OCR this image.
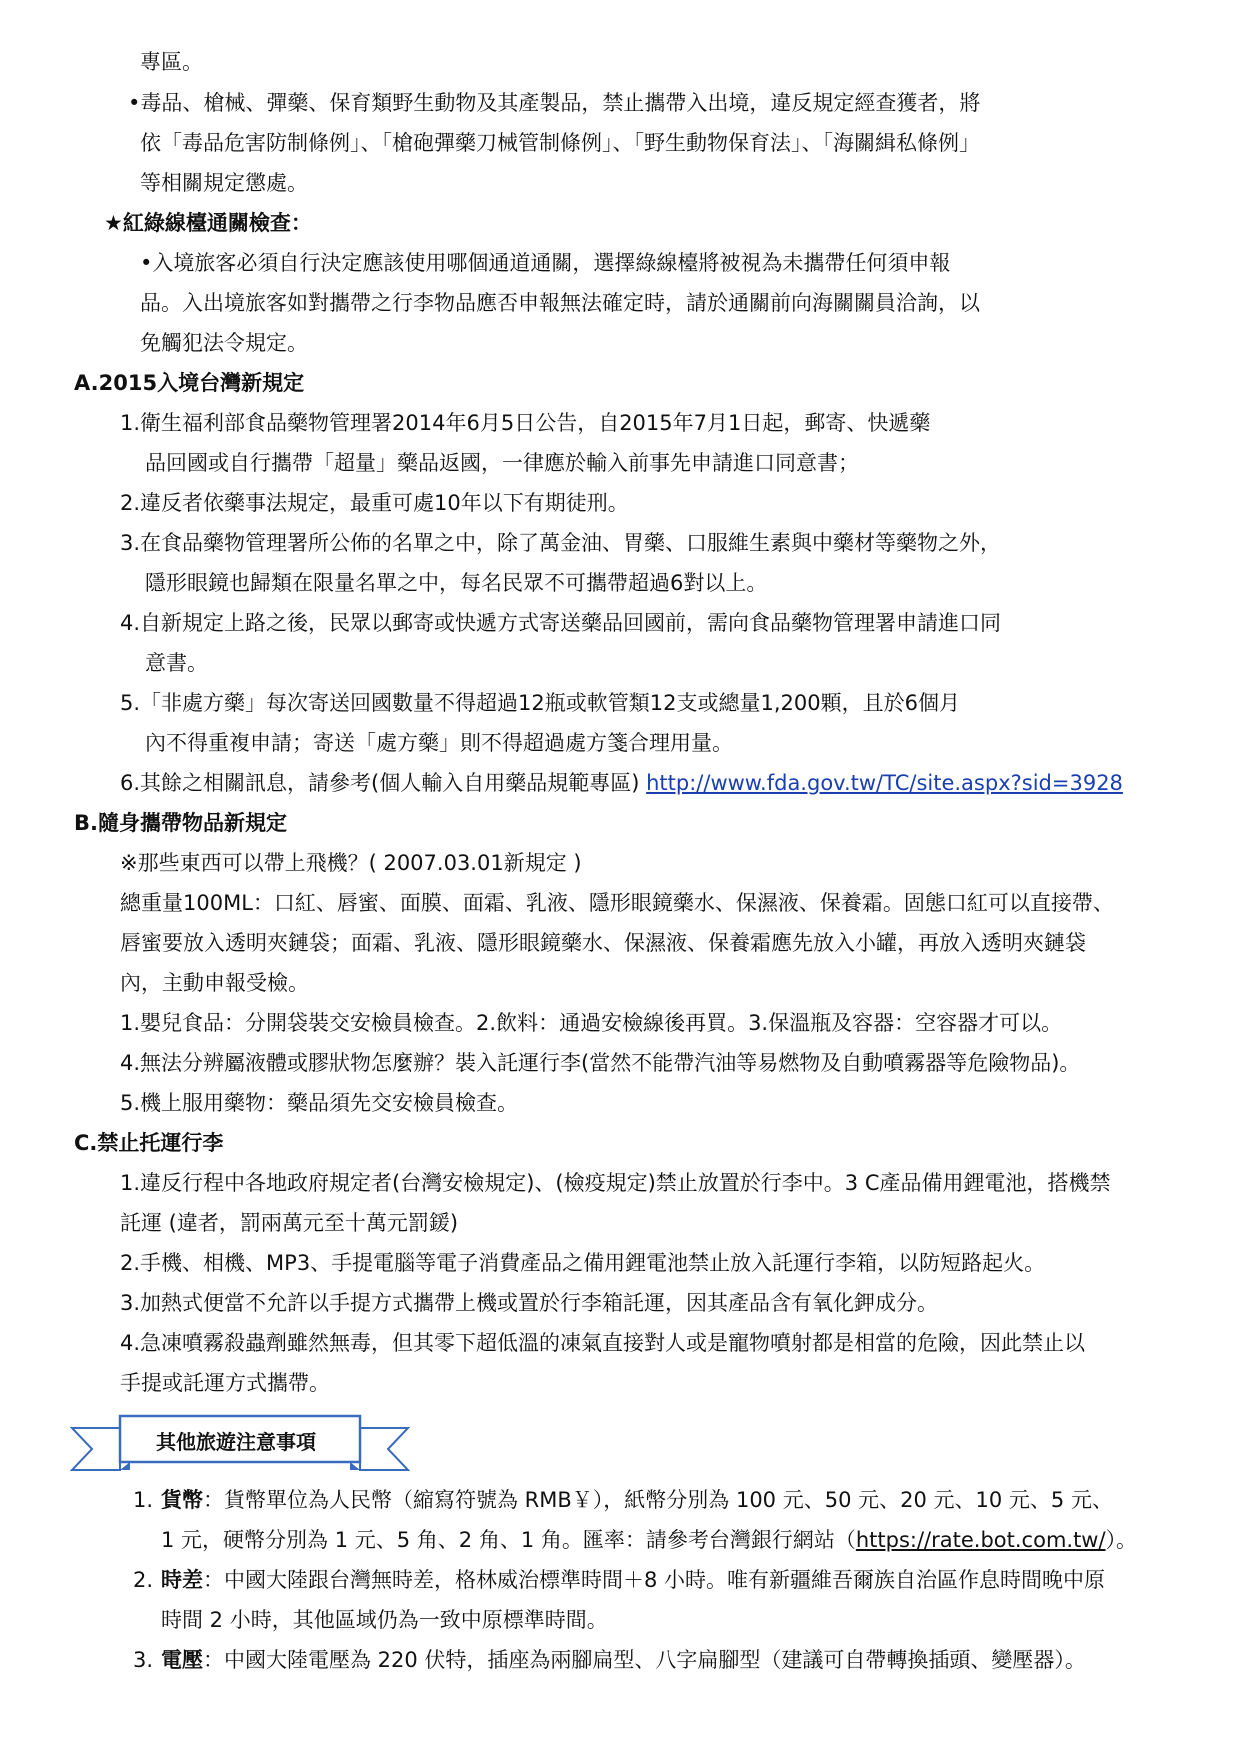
專區。
•毒品、槍械、彈藥、保育類野生動物及其產製品，禁止攜帶入出境，違反規定經查獲者，將
依「毒品危害防制條例」、「槍砲彈藥刀械管制條例」、「野生動物保育法」、「海關緝私條例」
等相關規定懲處。
★紅綠線檯通關檢查：
•入境旅客必須自行決定應該使用哪個通道通關，選擇綠線檯將被視為未攜帶任何須申報
品。入出境旅客如對攜帶之行李物品應否申報無法確定時，請於通關前向海關關員洽詢，以
免觸犯法令規定。
A.2015入境台灣新規定
1.衛生福利部食品藥物管理署2014年6月5日公告，自2015年7月1日起，郵寄、快遞藥
品回國或自行攜帶「超量」藥品返國，一律應於輸入前事先申請進口同意書；
2.違反者依藥事法規定，最重可處10年以下有期徒刑。
3.在食品藥物管理署所公佈的名單之中，除了萬金油、胃藥、口服維生素與中藥材等藥物之外，
隱形眼鏡也歸類在限量名單之中，每名民眾不可攜帶超過6對以上。
4.自新規定上路之後，民眾以郵寄或快遞方式寄送藥品回國前，需向食品藥物管理署申請進口同
意書。
5.「非處方藥」每次寄送回國數量不得超過12瓶或軟管類12支或總量1,200顆，且於6個月
內不得重複申請；寄送「處方藥」則不得超過處方箋合理用量。
6.其餘之相關訊息，請參考(個人輸入自用藥品規範專區) http://www.fda.gov.tw/TC/site.aspx?sid=3928
B.隨身攜帶物品新規定
※那些東西可以帶上飛機？( 2007.03.01新規定 )
總重量100ML：口紅、唇蜜、面膜、面霜、乳液、隱形眼鏡藥水、保濕液、保養霜。固態口紅可以直接帶、
唇蜜要放入透明夾鏈袋；面霜、乳液、隱形眼鏡藥水、保濕液、保養霜應先放入小罐，再放入透明夾鏈袋
內，主動申報受檢。
1.嬰兒食品：分開袋裝交安檢員檢查。2.飲料：通過安檢線後再買。3.保溫瓶及容器：空容器才可以。
4.無法分辨屬液體或膠狀物怎麼辦？裝入託運行李(當然不能帶汽油等易燃物及自動噴霧器等危險物品)。
5.機上服用藥物：藥品須先交安檢員檢查。
C.禁止托運行李
1.違反行程中各地政府規定者(台灣安檢規定)、(檢疫規定)禁止放置於行李中。3 C產品備用鋰電池，搭機禁
託運 (違者，罰兩萬元至十萬元罰鍰)
2.手機、相機、MP3、手提電腦等電子消費產品之備用鋰電池禁止放入託運行李箱，以防短路起火。
3.加熱式便當不允許以手提方式攜帶上機或置於行李箱託運，因其產品含有氧化鉀成分。
4.急凍噴霧殺蟲劑雖然無毒，但其零下超低溫的凍氣直接對人或是寵物噴射都是相當的危險，因此禁止以
手提或託運方式攜帶。
1. 貨幣：貨幣單位為人民幣（縮寫符號為 RMB￥），紙幣分別為 100 元、50 元、20 元、10 元、5 元、
1 元，硬幣分別為 1 元、5 角、2 角、1 角。匯率：請參考台灣銀行網站（https://rate.bot.com.tw/）。
2. 時差：中國大陸跟台灣無時差，格林威治標準時間＋8 小時。唯有新疆維吾爾族自治區作息時間晚中原
時間 2 小時，其他區域仍為一致中原標準時間。
3. 電壓：中國大陸電壓為 220 伏特，插座為兩腳扁型、八字扁腳型（建議可自帶轉換插頭、變壓器）。
其他旅遊注意事項
